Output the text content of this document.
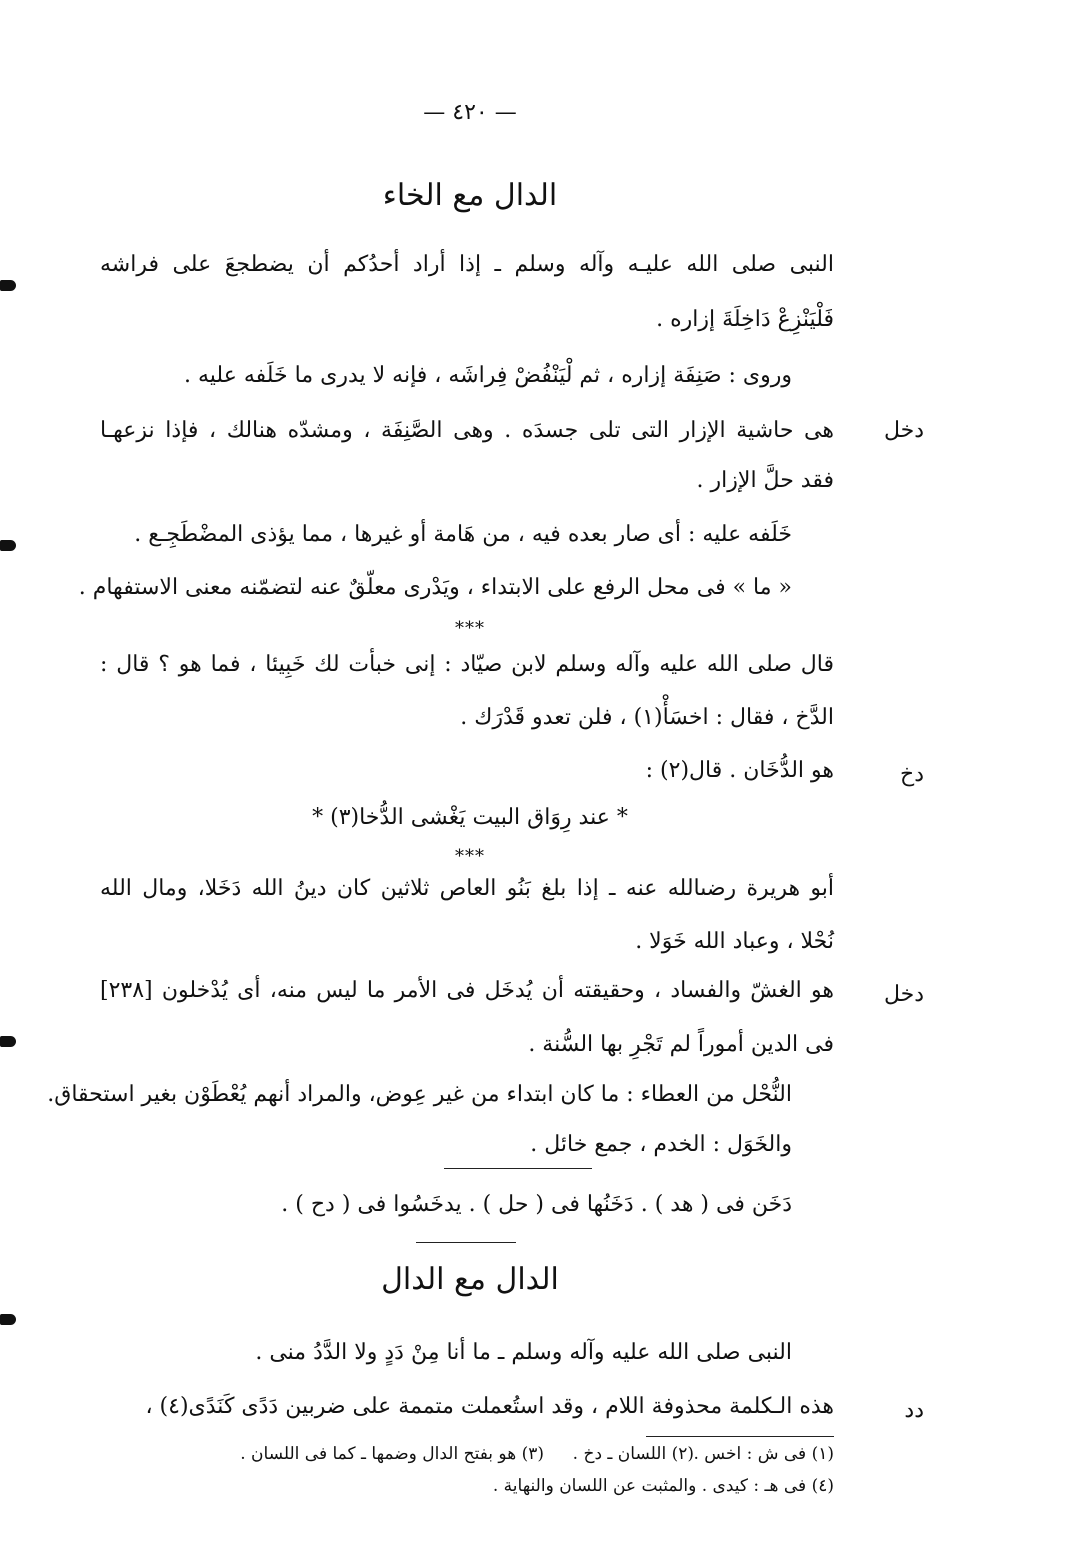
— ٤٢٠ —
الدال مع الخاء
النبى صلى الله عليـه وآله وسلم ـ إذا أراد أحدُكم أن يضطجعَ على فراشه
فَلْيَنْزِعْ دَاخِلَةَ إزاره .
وروى : صَنِفَة إزاره ، ثم لْيَنْفُضْ فِراشَه ، فإنه لا يدرى ما خَلَفه عليه .
دخل
هى حاشية الإزار التى تلى جسدَه . وهى الصَّنِفَة ، ومشدّه هنالك ، فإذا نزعهـا
فقد حلَّ الإزار .
خَلَفه عليه : أى صار بعده فيه ، من هَامة أو غيرها ، مما يؤذى المضْطَجِـع .
« ما » فى محل الرفع على الابتداء ، ويَدْرى معلّقٌ عنه لتضمّنه معنى الاستفهام .
***
قال صلى الله عليه وآله وسلم لابن صيّاد : إنى خبأت لك خَبِيئا ، فما هو ؟ قال :
الدَّخ ، فقال : اخسَأْ(١) ، فلن تعدو قَدْرَك .
دخ
هو الدُّخَان . قال(٢) :
* عند رِوَاق البيت يَغْشى الدُّخا(٣) *
***
أبو هريرة رضىالله عنه ـ إذا بلغ بَنُو العاص ثلاثين كان دينُ الله دَخَلا، ومال الله
نُحْلا ، وعباد الله خَوَلا .
دخل
هو الغشّ والفساد ، وحقيقته أن يُدخَل فى الأمر ما ليس منه، أى يُدْخلون [٢٣٨]
فى الدين أموراً لم تَجْرِ بها السُّنة .
النُّحْل من العطاء : ما كان ابتداء من غير عِوض، والمراد أنهم يُعْطَوْن بغير استحقاق.
والخَوَل : الخدم ، جمع خائل .
دَخَن فى ( هد ) . دَخَنُها فى ( حل ) . يدخَسُوا فى ( دح ) .
الدال مع الدال
النبى صلى الله عليه وآله وسلم ـ ما أنا مِنْ دَدٍ ولا الدَّدُ منى .
دد
هذه الـكلمة محذوفة اللام ، وقد استُعملت متممة على ضربين دَدًى كَنَدًى(٤) ،
(١) فى ش : اخس .
(٢) اللسان ـ دخ .
(٣) هو بفتح الدال وضمها ـ كما فى اللسان .
(٤) فى هـ : كيدى . والمثبت عن اللسان والنهاية .
